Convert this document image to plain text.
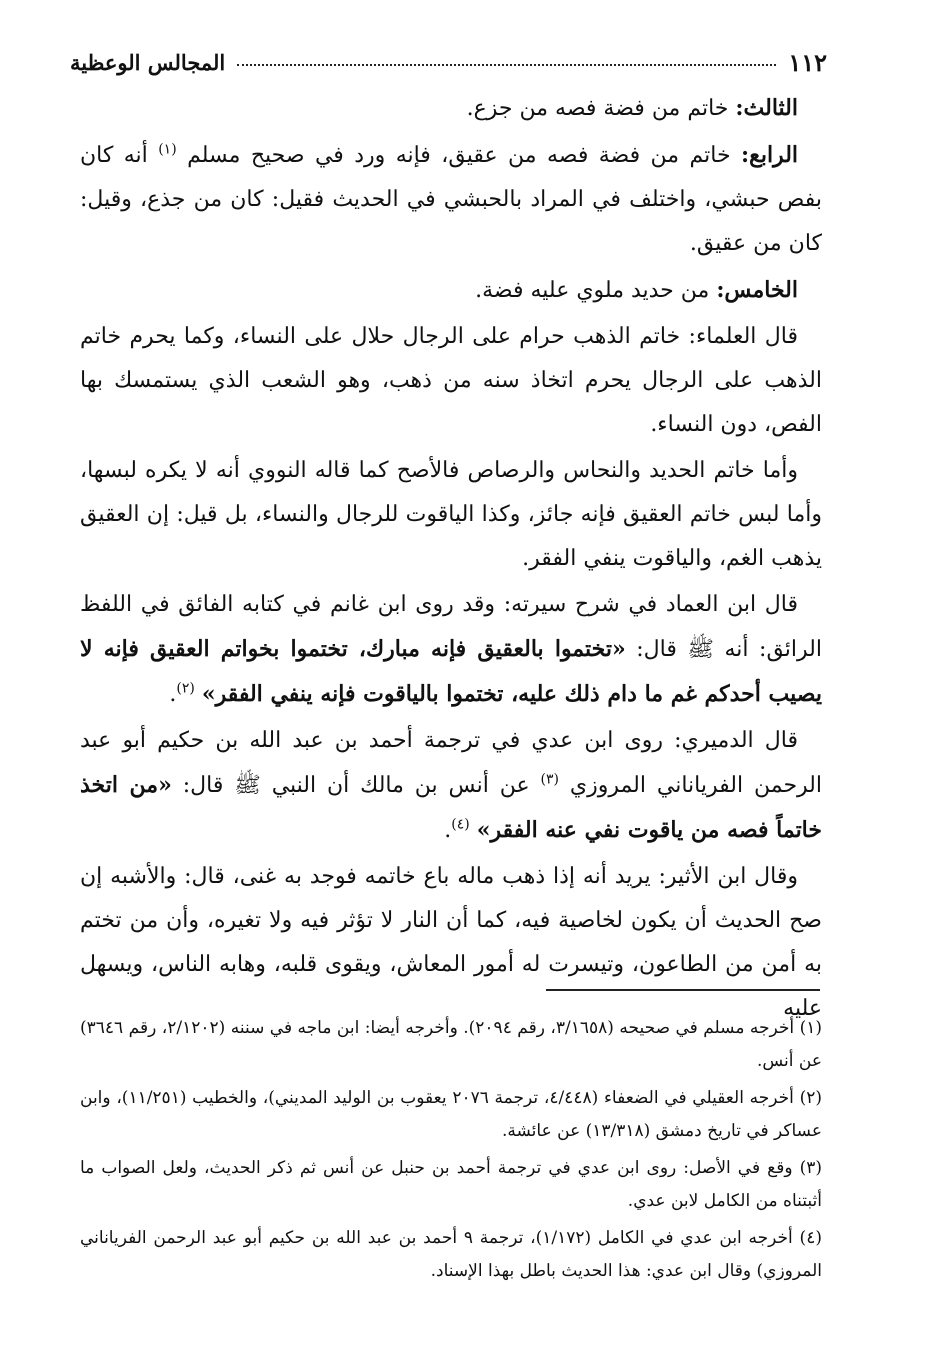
١١٢
المجالس الوعظية

الثالث: خاتم من فضة فصه من جزع.

الرابع: خاتم من فضة فصه من عقيق، فإنه ورد في صحيح مسلم $^{(١)}$ أنه كان بفص حبشي، واختلف في المراد بالحبشي في الحديث فقيل: كان من جذع، وقيل: كان من عقيق.

الخامس: من حديد ملوي عليه فضة.

قال العلماء: خاتم الذهب حرام على الرجال حلال على النساء، وكما يحرم خاتم الذهب على الرجال يحرم اتخاذ سنه من ذهب، وهو الشعب الذي يستمسك بها الفص، دون النساء.

وأما خاتم الحديد والنحاس والرصاص فالأصح كما قاله النووي أنه لا يكره لبسها، وأما لبس خاتم العقيق فإنه جائز، وكذا الياقوت للرجال والنساء، بل قيل: إن العقيق يذهب الغم، والياقوت ينفي الفقر.

قال ابن العماد في شرح سيرته: وقد روى ابن غانم في كتابه الفائق في اللفظ الرائق: أنه ﷺ قال: «تختموا بالعقيق فإنه مبارك، تختموا بخواتم العقيق فإنه لا يصيب أحدكم غم ما دام ذلك عليه، تختموا بالياقوت فإنه ينفي الفقر» $^{(٢)}$.

قال الدميري: روى ابن عدي في ترجمة أحمد بن عبد الله بن حكيم أبو عبد الرحمن الفرياناني المروزي $^{(٣)}$ عن أنس بن مالك أن النبي ﷺ قال: «من اتخذ خاتماً فصه من ياقوت نفي عنه الفقر» $^{(٤)}$.

وقال ابن الأثير: يريد أنه إذا ذهب ماله باع خاتمه فوجد به غنى، قال: والأشبه إن صح الحديث أن يكون لخاصية فيه، كما أن النار لا تؤثر فيه ولا تغيره، وأن من تختم به أمن من الطاعون، وتيسرت له أمور المعاش، ويقوى قلبه، وهابه الناس، ويسهل عليه

(١) أخرجه مسلم في صحيحه (٣/١٦٥٨، رقم ٢٠٩٤). وأخرجه أيضا: ابن ماجه في سننه (٢/١٢٠٢، رقم ٣٦٤٦) عن أنس.

(٢) أخرجه العقيلي في الضعفاء (٤/٤٤٨، ترجمة ٢٠٧٦ يعقوب بن الوليد المديني)، والخطيب (١١/٢٥١)، وابن عساكر في تاريخ دمشق (١٣/٣١٨) عن عائشة.

(٣) وقع في الأصل: روى ابن عدي في ترجمة أحمد بن حنبل عن أنس ثم ذكر الحديث، ولعل الصواب ما أثبتناه من الكامل لابن عدي.

(٤) أخرجه ابن عدي في الكامل (١/١٧٢)، ترجمة ٩ أحمد بن عبد الله بن حكيم أبو عبد الرحمن الفرياناني المروزي) وقال ابن عدي: هذا الحديث باطل بهذا الإسناد.
